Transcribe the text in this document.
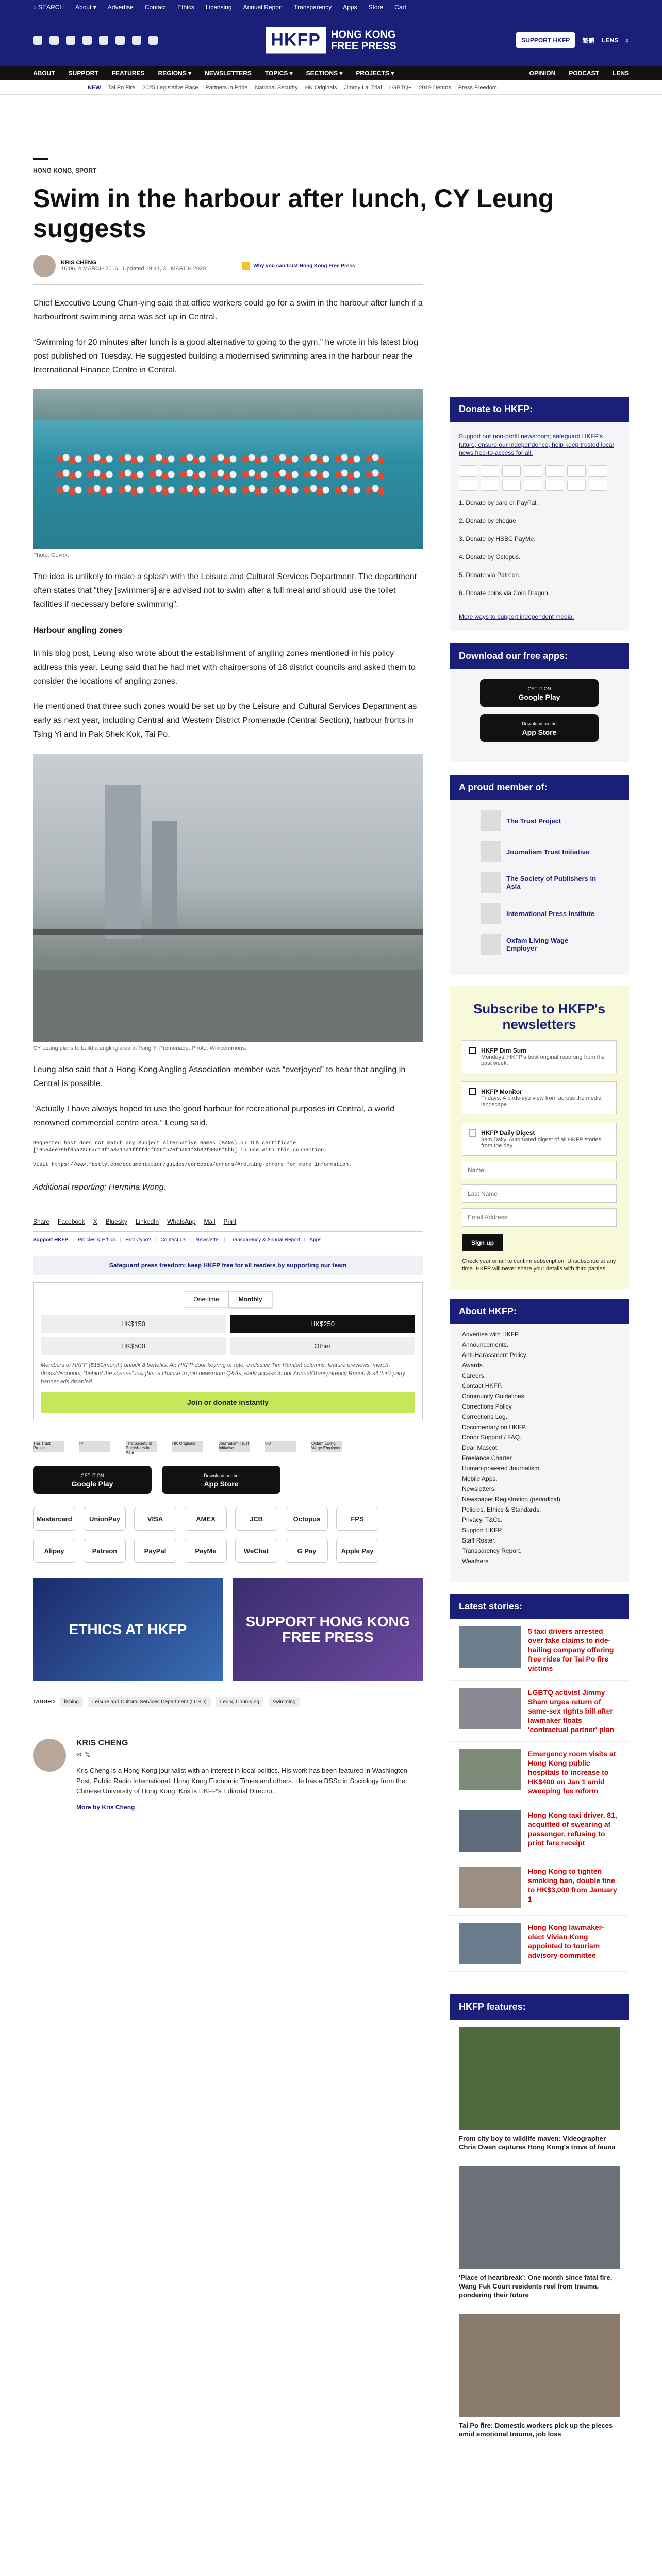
⌕ SEARCH About ▾ Advertise Contact Ethics Licensing Annual Report Transparency Apps Store Cart
HKFP	HONG KONG
FREE PRESS	SUPPORT HKFP	繁體 LENS ⌕
ABOUT SUPPORT FEATURES REGIONS ▾ NEWSLETTERS TOPICS ▾ SECTIONS ▾ PROJECTS ▾	OPINION PODCAST LENS
NEW Tai Po Fire 2025 Legislative Race Partners in Pride National Security HK Originals Jimmy Lai Trial LGBTQ+ 2019 Demos Press Freedom
HONG KONG, SPORT
Swim in the harbour after lunch, CY Leung suggests
KRIS CHENG
16:06, 4 MARCH 2016 Updated 19:41, 31 MARCH 2020	Why you can trust Hong Kong Free Press

Chief Executive Leung Chun-ying said that office workers could go for a swim in the harbour after lunch if a harbourfront swimming area was set up in Central.

“Swimming for 20 minutes after lunch is a good alternative to going to the gym,” he wrote in his latest blog post published on Tuesday. He suggested building a modernised swimming area in the harbour near the International Finance Centre in Central.

Photo: Govhk.

The idea is unlikely to make a splash with the Leisure and Cultural Services Department. The department often states that “they [swimmers] are advised not to swim after a full meal and should use the toilet facilities if necessary before swimming”.

Harbour angling zones

In his blog post, Leung also wrote about the establishment of angling zones mentioned in his policy address this year. Leung said that he had met with chairpersons of 18 district councils and asked them to consider the locations of angling zones.

He mentioned that three such zones would be set up by the Leisure and Cultural Services Department as early as next year, including Central and Western District Promenade (Central Section), harbour fronts in Tsing Yi and in Pak Shek Kok, Tai Po.

CY Leung plans to build a angling area in Tsing Yi Promenade. Photo: Wikicommons.

Leung also said that a Hong Kong Angling Association member was “overjoyed” to hear that angling in Central is possible.

“Actually I have always hoped to use the good harbour for recreational purposes in Central, a world renowned commercial centre area,” Leung said.

Requested host does not match any Subject Alternative Names (SANs) on TLS certificate [16ce4ee795f8ba28d6ad19f1a8a17a1ffffdcf626fb7ef9a81f3b02f60a9f5bb] in use with this connection.

Visit https://www.fastly.com/documentation/guides/concepts/errors/#routing-errors for more information.

Additional reporting: Hermina Wong.

Share Facebook X Bluesky LinkedIn WhatsApp Mail Print
Support HKFP | Policies & Ethics | Error/typo? | Contact Us | Newsletter | Transparency & Annual Report | Apps
Safeguard press freedom; keep HKFP free for all readers by supporting our team
One-time	Monthly
HK$150	HK$250
HK$500	Other
Members of HKFP ($150/month) unlock 8 benefits: An HKFP door keyring or tote; exclusive Tim Hamlett columns; feature previews; merch drops/discounts; “behind the scenes” insights; a chance to join newsroom Q&As; early access to our Annual/Transparency Report & all third-party banner ads disabled.
Join or donate instantly
The Trust Project
IPI	The Society of Publishers in Asia
HK Originals	Journalism Trust Initiative
IFJ	Oxfam Living Wage Employer
GET IT ON
Google Play
Download on the
App Store
Mastercard	UnionPay	VISA	AMEX	JCB	Octopus	FPS
Alipay	Patreon	PayPal	PayMe	WeChat	G Pay	Apple Pay
ETHICS AT HKFP	SUPPORT HONG KONG FREE PRESS
TAGGED	fishing	Leisure and Cultural Services Department (LCSD)	Leung Chun-ying	swimming
KRIS CHENG
✉  𝕏
Kris Cheng is a Hong Kong journalist with an interest in local politics. His work has been featured in Washington Post, Public Radio International, Hong Kong Economic Times and others. He has a BSSc in Sociology from the Chinese University of Hong Kong. Kris is HKFP's Editorial Director.
More by Kris Cheng
Donate to HKFP:
Support our non-profit newsroom; safeguard HKFP's future, ensure our independence, help keep trusted local news free-to-access for all.
1. Donate by card or PayPal.
2. Donate by cheque.
3. Donate by HSBC PayMe.
4. Donate by Octopus.
5. Donate via Patreon.
6. Donate coins via Coin Dragon.
More ways to support independent media.
Download our free apps:
GET IT ON
Google Play
Download on the
App Store
A proud member of:
The Trust Project
Journalism Trust Initiative
The Society of Publishers in Asia
International Press Institute
Oxfam Living Wage Employer
Subscribe to HKFP's newsletters
HKFP Dim Sum
Mondays. HKFP's best original reporting from the past week.
HKFP Monitor
Fridays. A birds-eye view from across the media landscape.
HKFP Daily Digest
9am Daily. Automated digest of all HKFP stories from the day.
Name
Last Name
Email Address
Sign up
Check your email to confirm subscription. Unsubscribe at any time. HKFP will never share your details with third parties.
About HKFP:
Advertise with HKFP.
Announcements.
Anti-Harassment Policy.
Awards.
Careers.
Contact HKFP.
Community Guidelines.
Corrections Policy.
Corrections Log.
Documentary on HKFP.
Donor Support / FAQ.
Dear Mascot.
Freelance Charter.
Human-powered Journalism.
Mobile Apps.
Newsletters.
Newspaper Registration (periodical).
Policies, Ethics & Standards.
Privacy, T&Cs.
Support HKFP.
Staff Roster.
Transparency Report.
Weathers
Latest stories:
5 taxi drivers arrested over fake claims to ride-hailing company offering free rides for Tai Po fire victims
LGBTQ activist Jimmy Sham urges return of same-sex rights bill after lawmaker floats 'contractual partner' plan
Emergency room visits at Hong Kong public hospitals to increase to HK$400 on Jan 1 amid sweeping fee reform
Hong Kong taxi driver, 81, acquitted of swearing at passenger, refusing to print fare receipt
Hong Kong to tighten smoking ban, double fine to HK$3,000 from January 1
Hong Kong lawmaker-elect Vivian Kong appointed to tourism advisory committee
HKFP features:
From city boy to wildlife maven: Videographer Chris Owen captures Hong Kong's trove of fauna
'Place of heartbreak': One month since fatal fire, Wang Fuk Court residents reel from trauma, pondering their future
Tai Po fire: Domestic workers pick up the pieces amid emotional trauma, job loss
